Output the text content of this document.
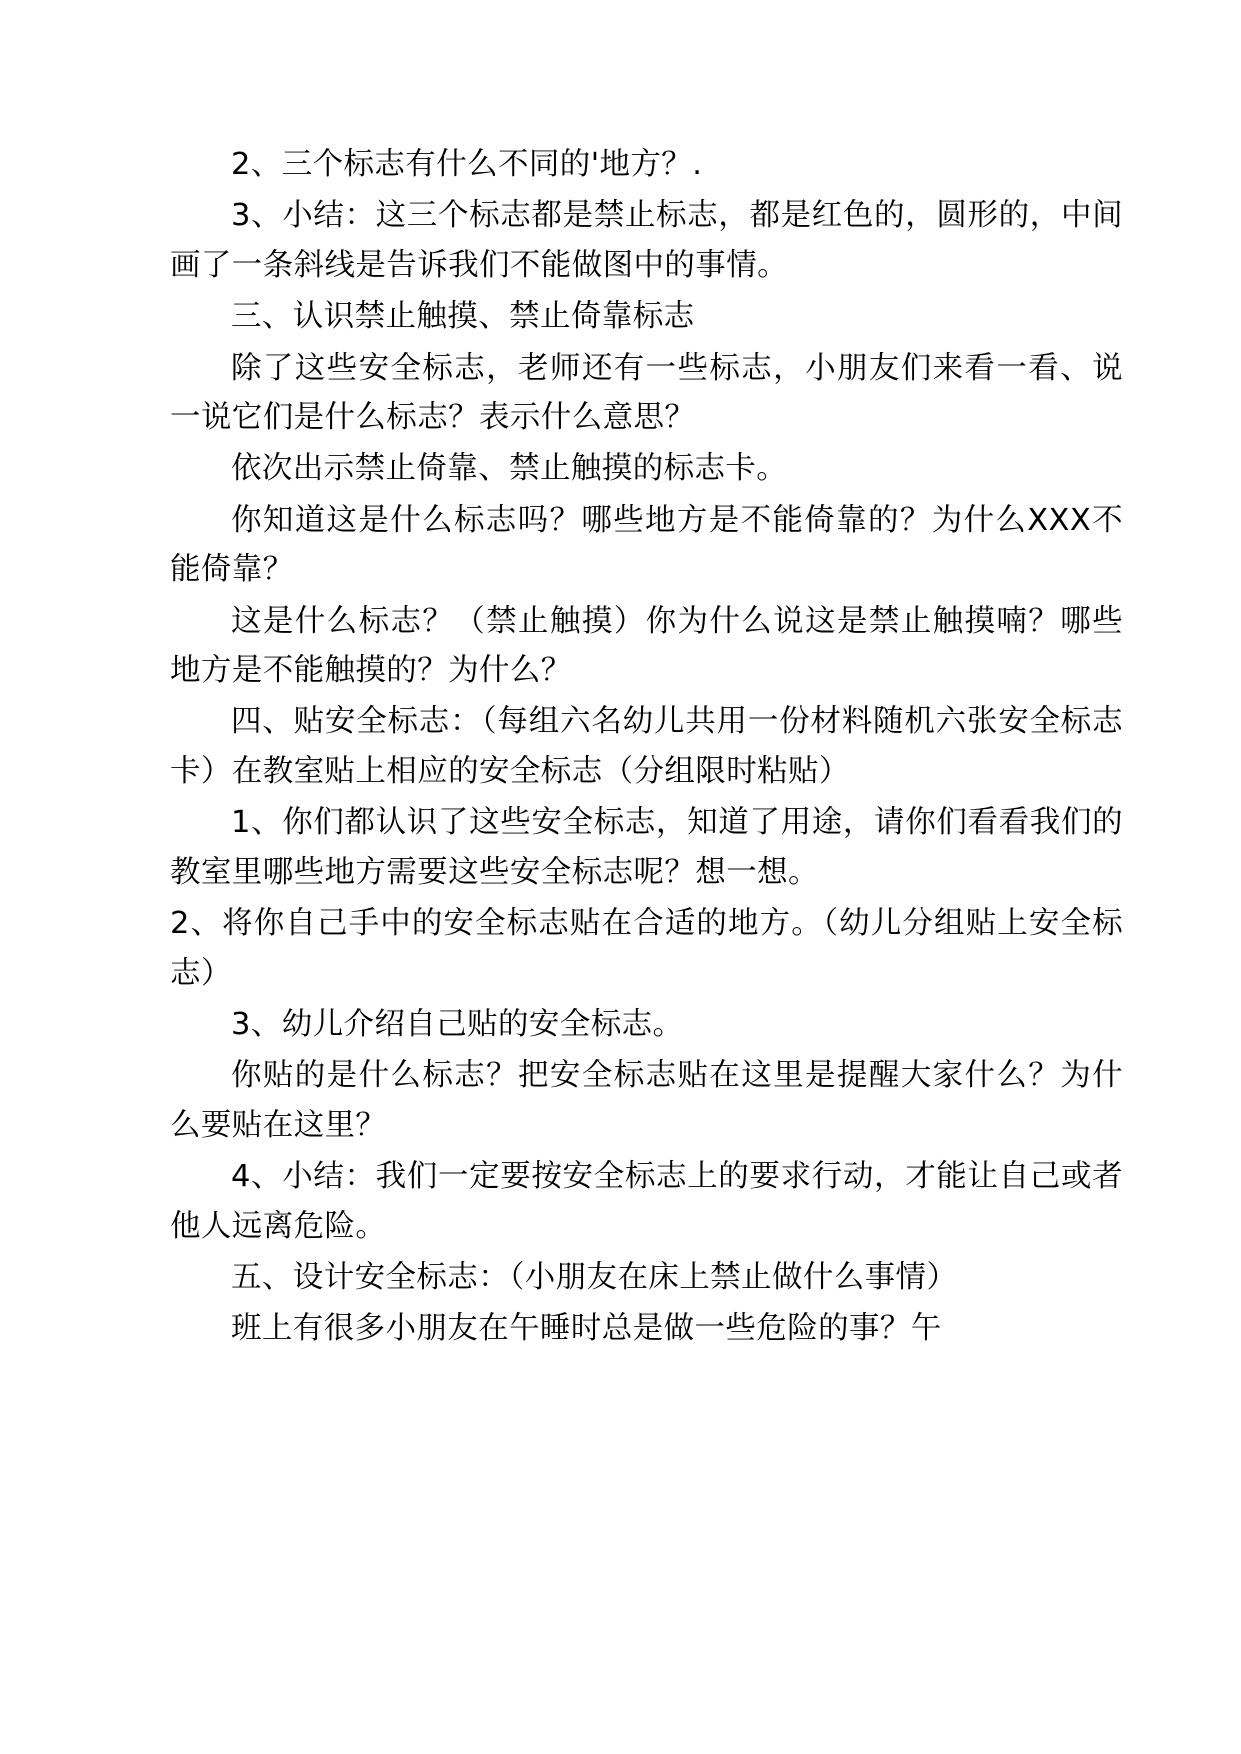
2、三个标志有什么不同的'地方？.

3、小结：这三个标志都是禁止标志，都是红色的，圆形的，中间画了一条斜线是告诉我们不能做图中的事情。

三、认识禁止触摸、禁止倚靠标志

除了这些安全标志，老师还有一些标志，小朋友们来看一看、说一说它们是什么标志？表示什么意思？

依次出示禁止倚靠、禁止触摸的标志卡。

你知道这是什么标志吗？哪些地方是不能倚靠的？为什么XXX不能倚靠？

这是什么标志？（禁止触摸）你为什么说这是禁止触摸喃？哪些地方是不能触摸的？为什么？

四、贴安全标志：（每组六名幼儿共用一份材料随机六张安全标志卡）在教室贴上相应的安全标志（分组限时粘贴）

1、你们都认识了这些安全标志，知道了用途，请你们看看我们的教室里哪些地方需要这些安全标志呢？想一想。

2、将你自己手中的安全标志贴在合适的地方。（幼儿分组贴上安全标志）

3、幼儿介绍自己贴的安全标志。

你贴的是什么标志？把安全标志贴在这里是提醒大家什么？为什么要贴在这里？

4、小结：我们一定要按安全标志上的要求行动，才能让自己或者他人远离危险。

五、设计安全标志：（小朋友在床上禁止做什么事情）

班上有很多小朋友在午睡时总是做一些危险的事？午
